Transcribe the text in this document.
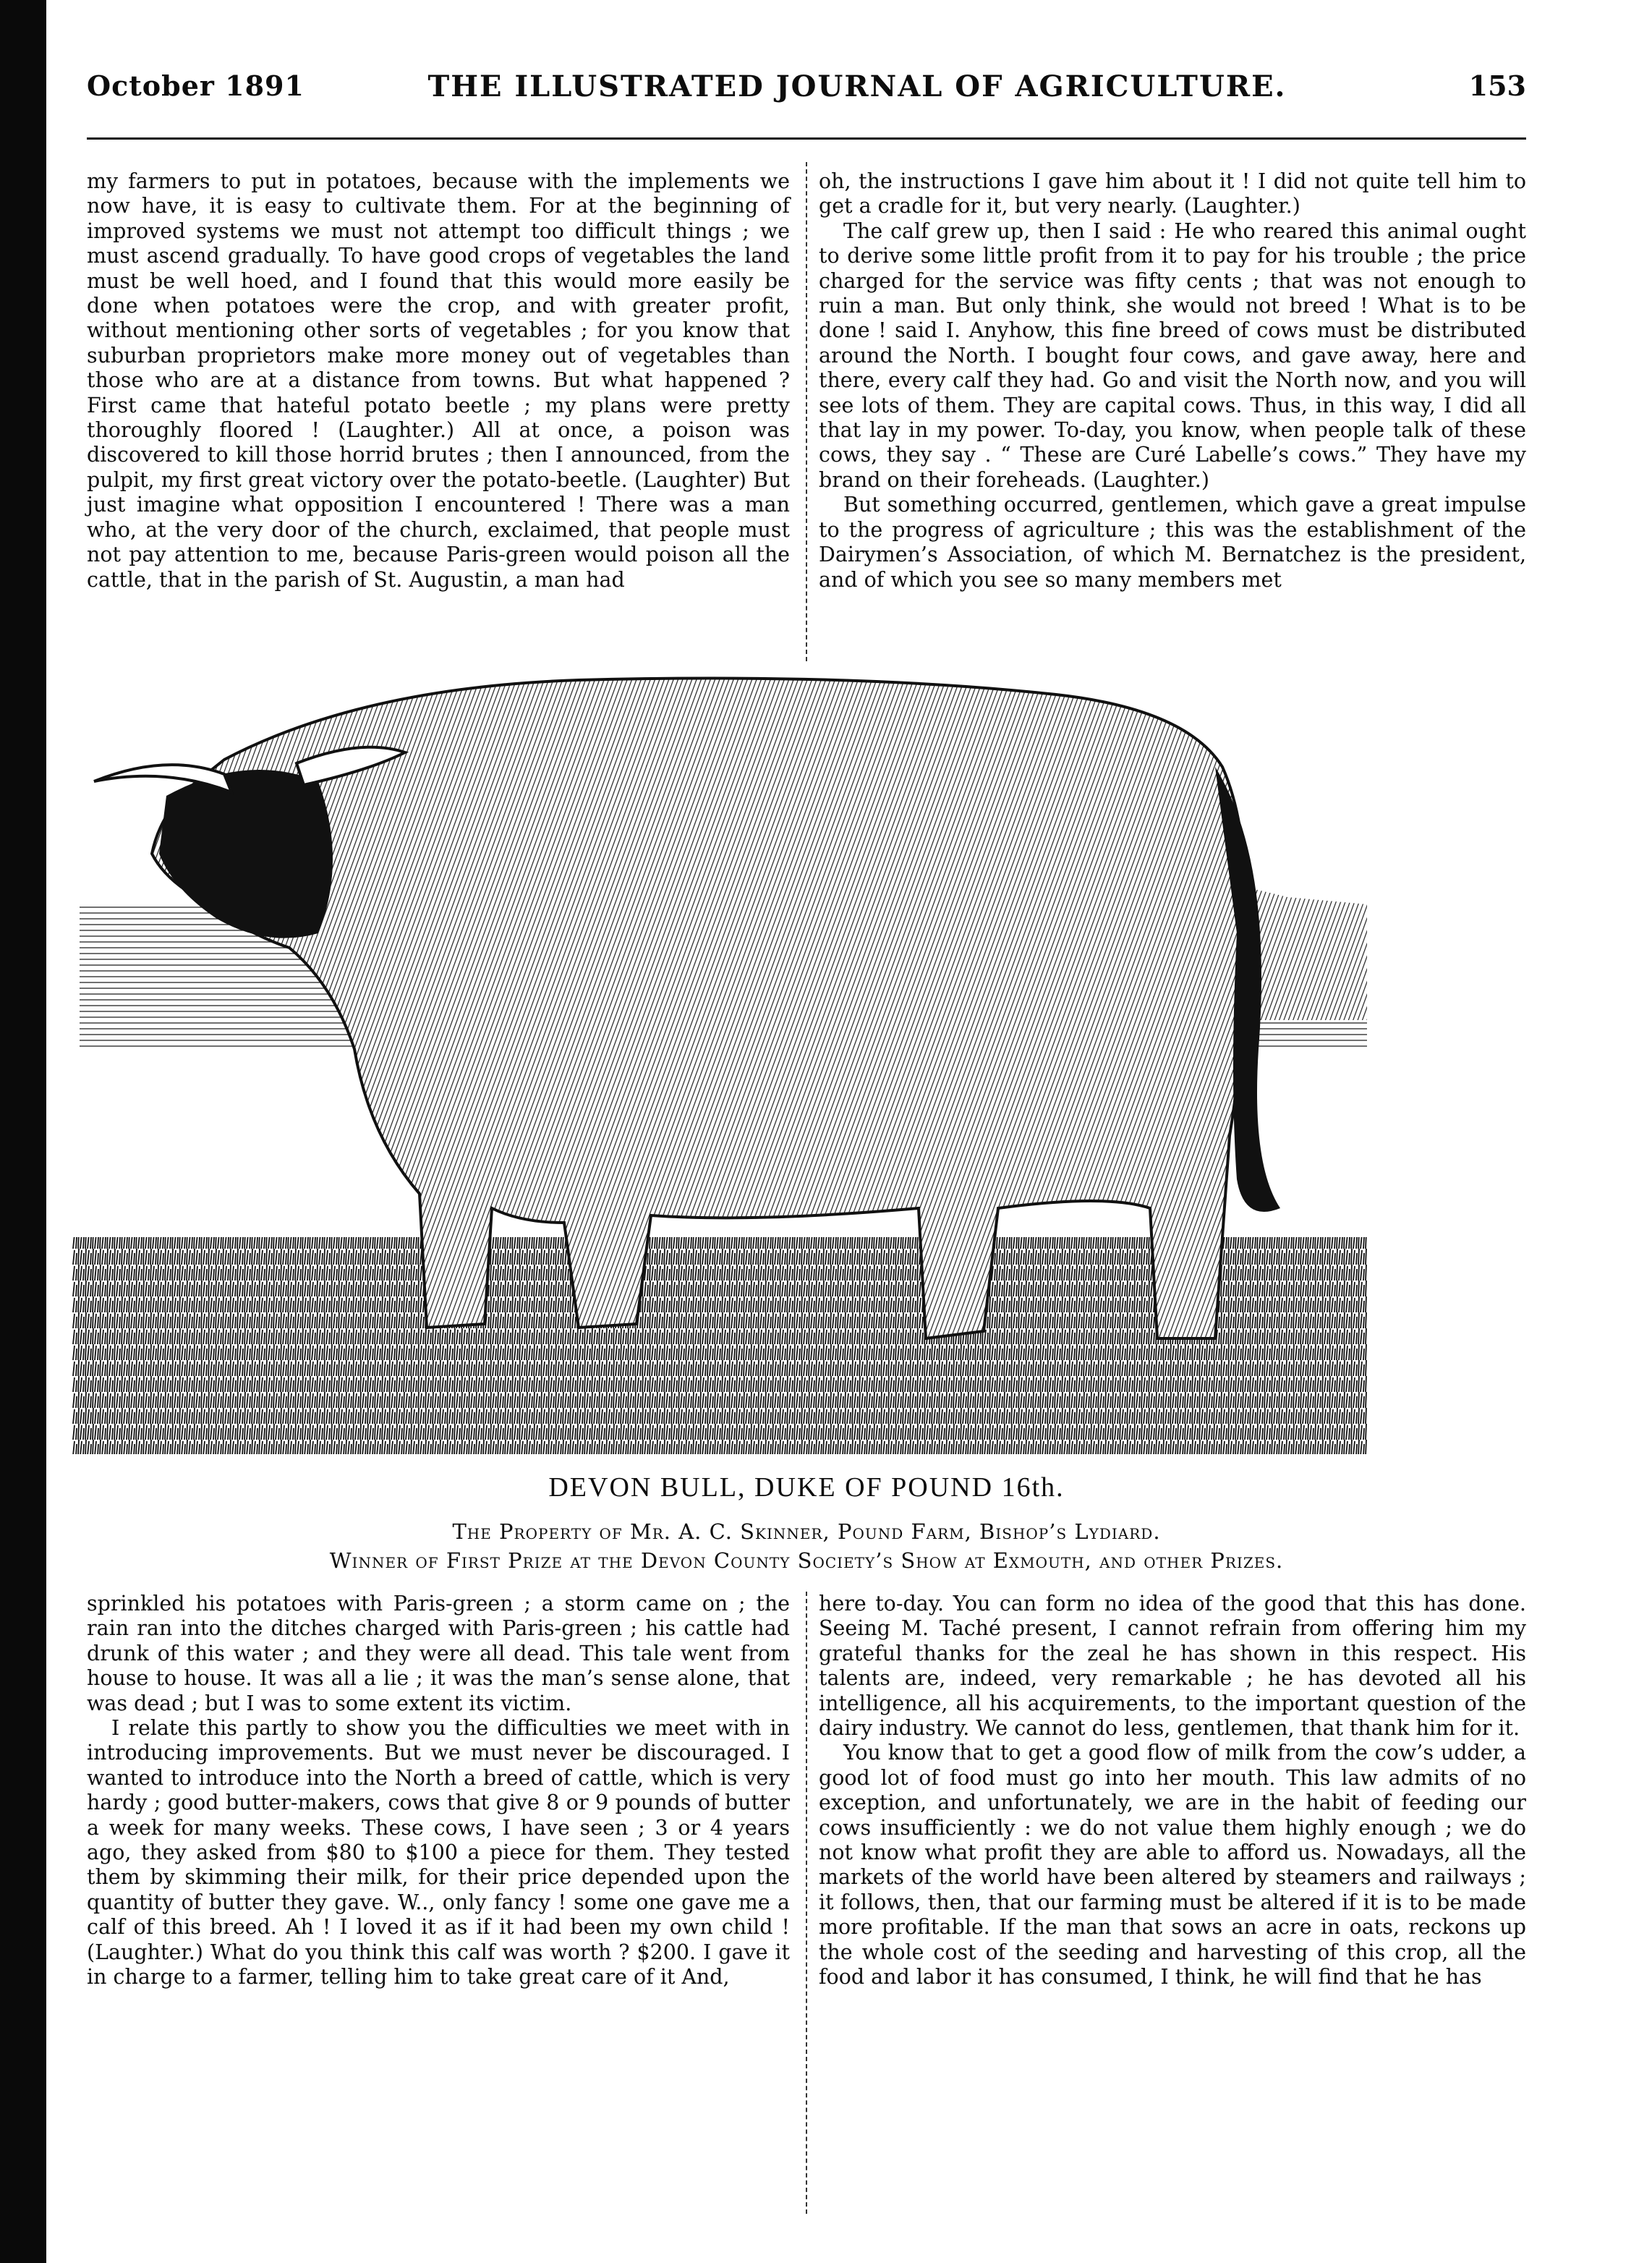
October 1891	THE ILLUSTRATED JOURNAL OF AGRICULTURE.	153

my farmers to put in potatoes, because with the implements we now have, it is easy to cultivate them. For at the beginning of improved systems we must not attempt too difficult things ; we must ascend gradually. To have good crops of vegetables the land must be well hoed, and I found that this would more easily be done when potatoes were the crop, and with greater profit, without mentioning other sorts of vegetables ; for you know that suburban proprietors make more money out of vegetables than those who are at a distance from towns. But what happened ? First came that hateful potato beetle ; my plans were pretty thoroughly floored ! (Laughter.) All at once, a poison was discovered to kill those horrid brutes ; then I announced, from the pulpit, my first great victory over the potato-beetle. (Laughter) But just imagine what opposition I encountered ! There was a man who, at the very door of the church, exclaimed, that people must not pay attention to me, because Paris-green would poison all the cattle, that in the parish of St. Augustin, a man had

oh, the instructions I gave him about it ! I did not quite tell him to get a cradle for it, but very nearly. (Laughter.)

The calf grew up, then I said : He who reared this animal ought to derive some little profit from it to pay for his trouble ; the price charged for the service was fifty cents ; that was not enough to ruin a man. But only think, she would not breed ! What is to be done ! said I. Anyhow, this fine breed of cows must be distributed around the North. I bought four cows, and gave away, here and there, every calf they had. Go and visit the North now, and you will see lots of them. They are capital cows. Thus, in this way, I did all that lay in my power. To-day, you know, when people talk of these cows, they say . “ These are Curé Labelle’s cows.” They have my brand on their foreheads. (Laughter.)

But something occurred, gentlemen, which gave a great impulse to the progress of agriculture ; this was the establishment of the Dairymen’s Association, of which M. Bernatchez is the president, and of which you see so many members met

DEVON BULL, DUKE OF POUND 16th.
The Property of Mr. A. C. Skinner, Pound Farm, Bishop’s Lydiard.
Winner of First Prize at the Devon County Society’s Show at Exmouth, and other Prizes.

sprinkled his potatoes with Paris-green ; a storm came on ; the rain ran into the ditches charged with Paris-green ; his cattle had drunk of this water ; and they were all dead. This tale went from house to house. It was all a lie ; it was the man’s sense alone, that was dead ; but I was to some extent its victim.

I relate this partly to show you the difficulties we meet with in introducing improvements. But we must never be discouraged. I wanted to introduce into the North a breed of cattle, which is very hardy ; good butter-makers, cows that give 8 or 9 pounds of butter a week for many weeks. These cows, I have seen ; 3 or 4 years ago, they asked from $80 to $100 a piece for them. They tested them by skimming their milk, for their price depended upon the quantity of butter they gave. W.., only fancy ! some one gave me a calf of this breed. Ah ! I loved it as if it had been my own child ! (Laughter.) What do you think this calf was worth ? $200. I gave it in charge to a farmer, telling him to take great care of it And,

here to-day. You can form no idea of the good that this has done. Seeing M. Taché present, I cannot refrain from offering him my grateful thanks for the zeal he has shown in this respect. His talents are, indeed, very remarkable ; he has devoted all his intelligence, all his acquirements, to the important question of the dairy industry. We cannot do less, gentlemen, that thank him for it.

You know that to get a good flow of milk from the cow’s udder, a good lot of food must go into her mouth. This law admits of no exception, and unfortunately, we are in the habit of feeding our cows insufficiently : we do not value them highly enough ; we do not know what profit they are able to afford us. Nowadays, all the markets of the world have been altered by steamers and railways ; it follows, then, that our farming must be altered if it is to be made more profitable. If the man that sows an acre in oats, reckons up the whole cost of the seeding and harvesting of this crop, all the food and labor it has consumed, I think, he will find that he has
